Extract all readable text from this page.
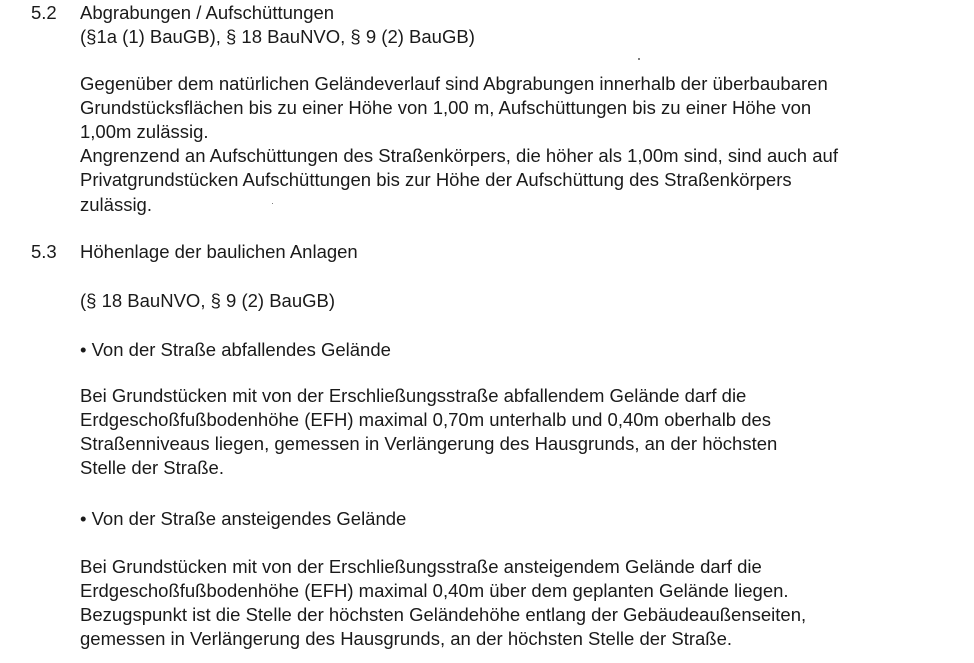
5.2 Abgrabungen / Aufschüttungen
(§1a (1) BauGB), § 18 BauNVO, § 9 (2) BauGB)
Gegenüber dem natürlichen Geländeverlauf sind Abgrabungen innerhalb der überbaubaren
Grundstücksflächen bis zu einer Höhe von 1,00 m, Aufschüttungen bis zu einer Höhe von
1,00m zulässig.
Angrenzend an Aufschüttungen des Straßenkörpers, die höher als 1,00m sind, sind auch auf
Privatgrundstücken Aufschüttungen bis zur Höhe der Aufschüttung des Straßenkörpers
zulässig.
5.3 Höhenlage der baulichen Anlagen
(§ 18 BauNVO, § 9 (2) BauGB)
• Von der Straße abfallendes Gelände
Bei Grundstücken mit von der Erschließungsstraße abfallendem Gelände darf die
Erdgeschoßfußbodenhöhe (EFH) maximal 0,70m unterhalb und 0,40m oberhalb des
Straßenniveaus liegen, gemessen in Verlängerung des Hausgrunds, an der höchsten
Stelle der Straße.
• Von der Straße ansteigendes Gelände
Bei Grundstücken mit von der Erschließungsstraße ansteigendem Gelände darf die
Erdgeschoßfußbodenhöhe (EFH) maximal 0,40m über dem geplanten Gelände liegen.
Bezugspunkt ist die Stelle der höchsten Geländehöhe entlang der Gebäudeaußenseiten,
gemessen in Verlängerung des Hausgrunds, an der höchsten Stelle der Straße.
